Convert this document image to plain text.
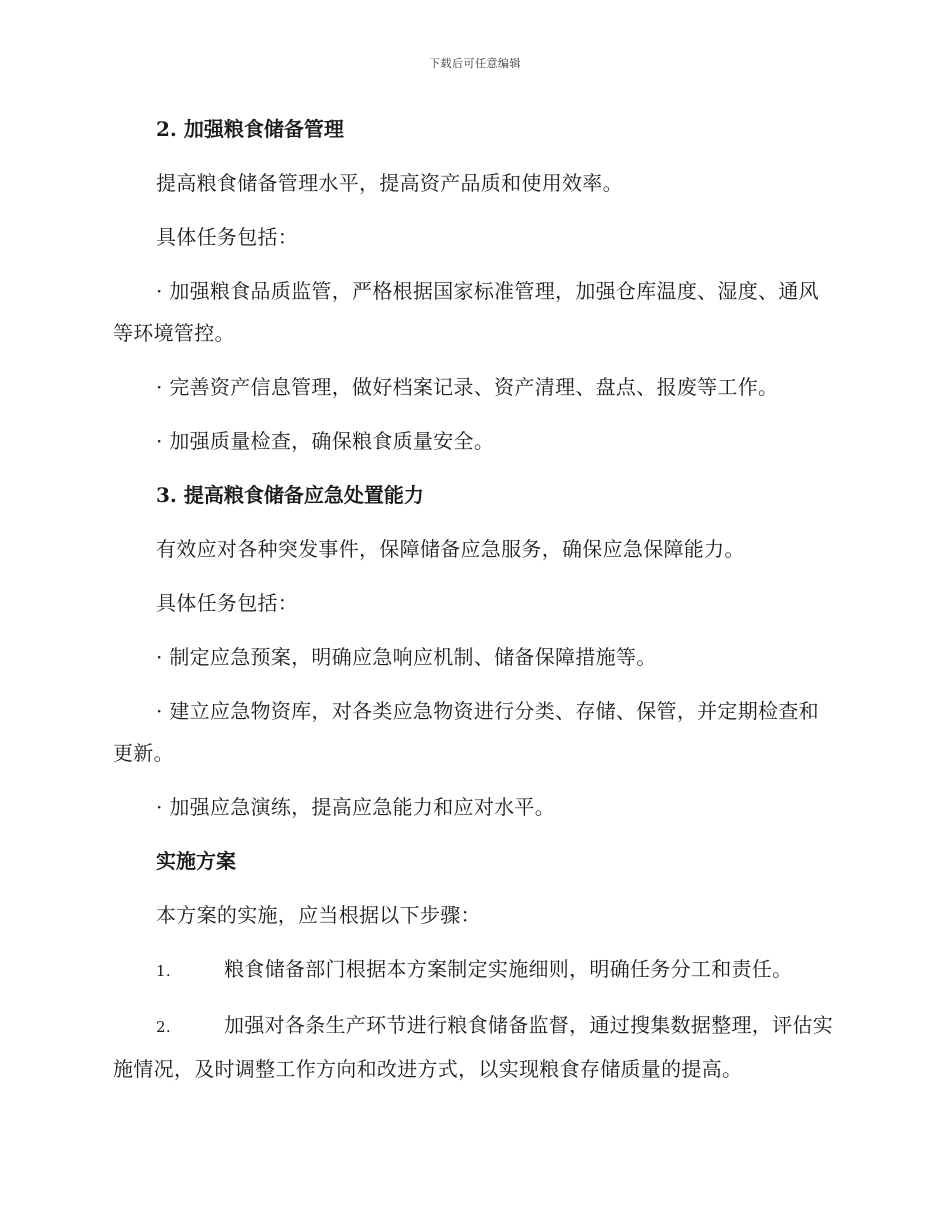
下载后可任意编辑

2. 加强粮食储备管理

提高粮食储备管理水平，提高资产品质和使用效率。

具体任务包括：

· 加强粮食品质监管，严格根据国家标准管理，加强仓库温度、湿度、通风等环境管控。

· 完善资产信息管理，做好档案记录、资产清理、盘点、报废等工作。

· 加强质量检查，确保粮食质量安全。

3. 提高粮食储备应急处置能力

有效应对各种突发事件，保障储备应急服务，确保应急保障能力。

具体任务包括：

· 制定应急预案，明确应急响应机制、储备保障措施等。

· 建立应急物资库，对各类应急物资进行分类、存储、保管，并定期检查和更新。

· 加强应急演练，提高应急能力和应对水平。

实施方案

本方案的实施，应当根据以下步骤：

1.	粮食储备部门根据本方案制定实施细则，明确任务分工和责任。

2.	加强对各条生产环节进行粮食储备监督，通过搜集数据整理，评估实施情况，及时调整工作方向和改进方式，以实现粮食存储质量的提高。
